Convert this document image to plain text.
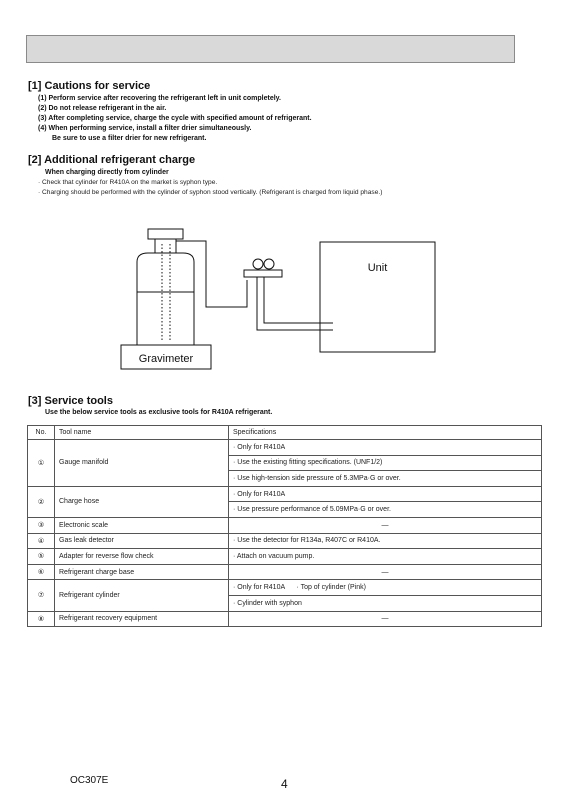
[1] Cautions for service
(1) Perform service after recovering the refrigerant left in unit completely.
(2) Do not release refrigerant in the air.
(3) After completing service, charge the cycle with specified amount of refrigerant.
(4) When performing service, install a filter drier simultaneously.
Be sure to use a filter drier for new refrigerant.
[2] Additional refrigerant charge
When charging directly from cylinder
· Check that cylinder for R410A on the market is syphon type.
· Charging should be performed with the cylinder of syphon stood vertically. (Refrigerant is charged from liquid phase.)
Gravimeter
Unit
[3] Service tools
Use the below service tools as exclusive tools for R410A refrigerant.
No.	Tool name	Specifications
①	Gauge manifold	· Only for R410A
		· Use the existing fitting specifications. (UNF1/2)
		· Use high-tension side pressure of 5.3MPa·G or over.
②	Charge hose	· Only for R410A
		· Use pressure performance of 5.09MPa·G or over.
③	Electronic scale	—
④	Gas leak detector	· Use the detector for R134a, R407C or R410A.
⑤	Adapter for reverse flow check	· Attach on vacuum pump.
⑥	Refrigerant charge base	—
⑦	Refrigerant cylinder	· Only for R410A      · Top of cylinder (Pink)
		· Cylinder with syphon
⑧	Refrigerant recovery equipment	—
OC307E	4
